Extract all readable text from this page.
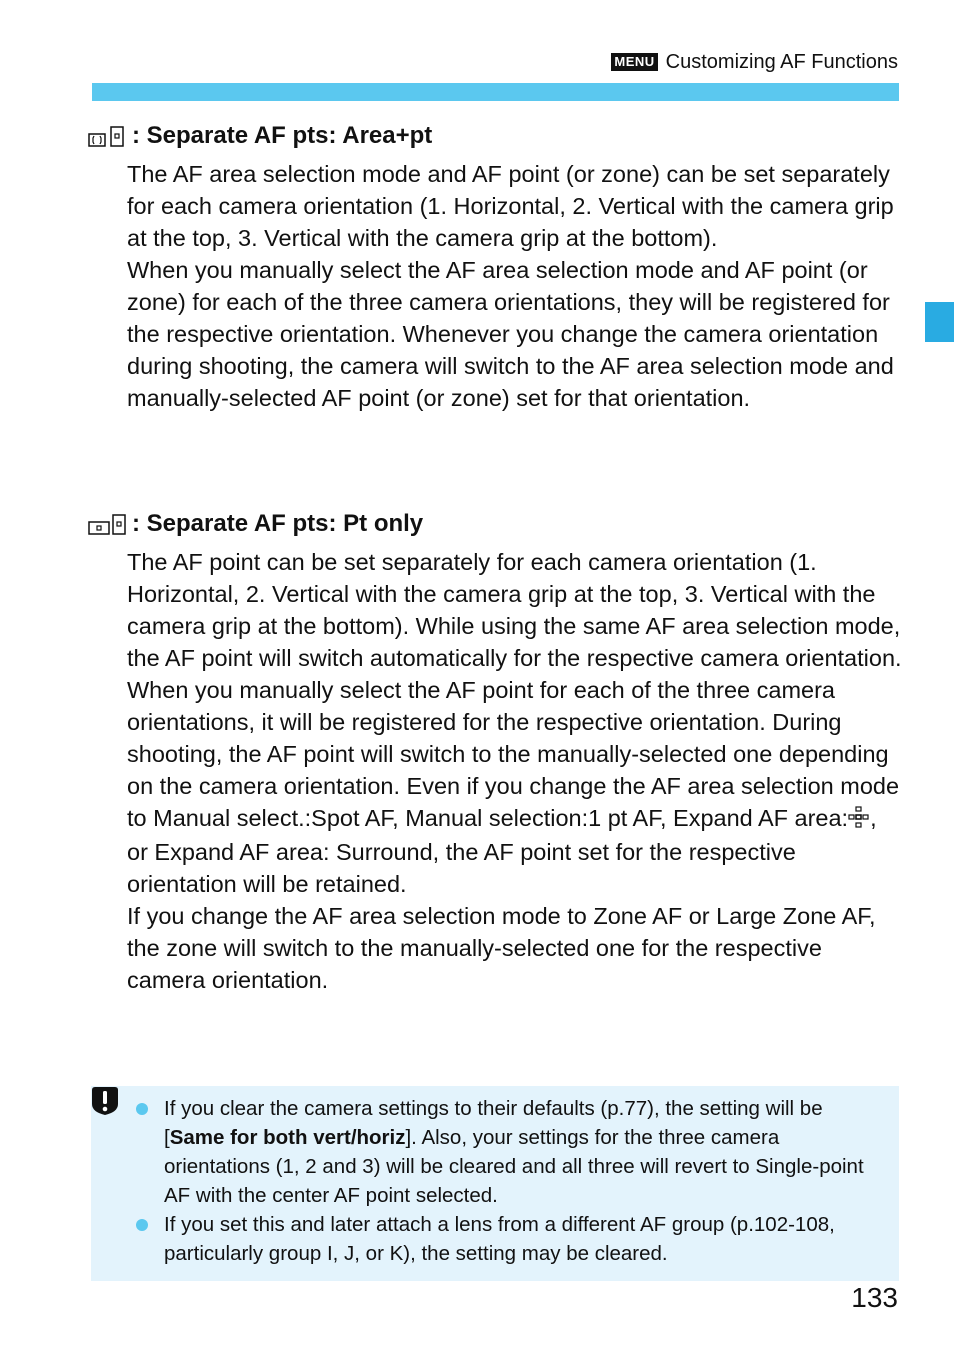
MENU Customizing AF Functions
: Separate AF pts: Area+pt

The AF area selection mode and AF point (or zone) can be set separately for each camera orientation (1. Horizontal, 2. Vertical with the camera grip at the top, 3. Vertical with the camera grip at the bottom).

When you manually select the AF area selection mode and AF point (or zone) for each of the three camera orientations, they will be registered for the respective orientation. Whenever you change the camera orientation during shooting, the camera will switch to the AF area selection mode and manually-selected AF point (or zone) set for that orientation.

: Separate AF pts: Pt only

The AF point can be set separately for each camera orientation (1. Horizontal, 2. Vertical with the camera grip at the top, 3. Vertical with the camera grip at the bottom). While using the same AF area selection mode, the AF point will switch automatically for the respective camera orientation.

When you manually select the AF point for each of the three camera orientations, it will be registered for the respective orientation. During shooting, the AF point will switch to the manually-selected one depending on the camera orientation. Even if you change the AF area selection mode to Manual select.:Spot AF, Manual selection:1 pt AF, Expand AF area: , or Expand AF area: Surround, the AF point set for the respective orientation will be retained.

If you change the AF area selection mode to Zone AF or Large Zone AF, the zone will switch to the manually-selected one for the respective camera orientation.

If you clear the camera settings to their defaults (p.77), the setting will be [Same for both vert/horiz]. Also, your settings for the three camera orientations (1, 2 and 3) will be cleared and all three will revert to Single-point AF with the center AF point selected.
If you set this and later attach a lens from a different AF group (p.102-108, particularly group I, J, or K), the setting may be cleared.
133
